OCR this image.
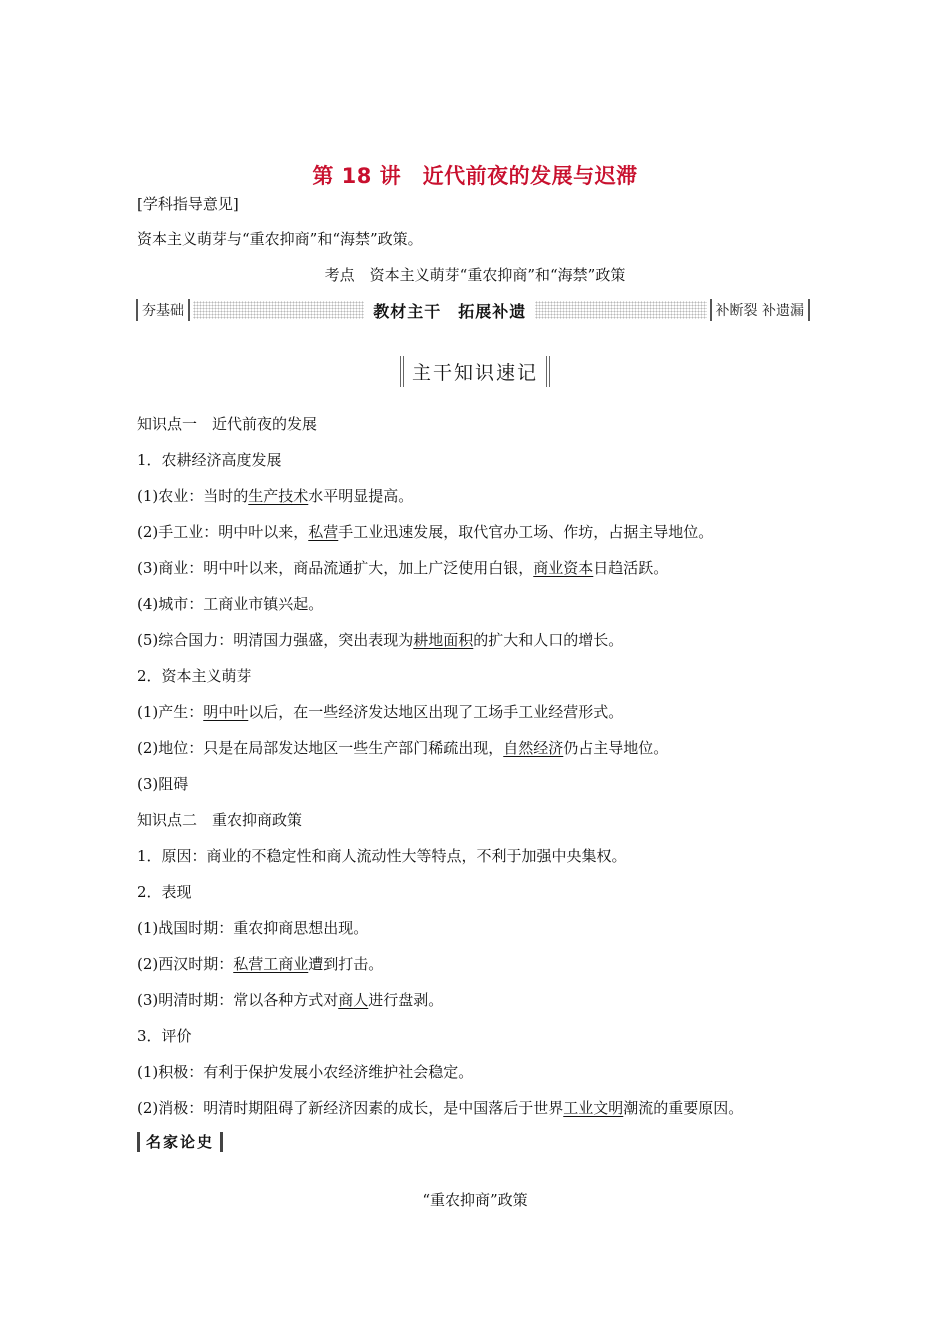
第 18 讲　近代前夜的发展与迟滞
[学科指导意见]
资本主义萌芽与“重农抑商”和“海禁”政策。
考点　资本主义萌芽“重农抑商”和“海禁”政策
夯基础	教材主干　拓展补遗	补断裂 补遗漏
主干知识速记
知识点一　近代前夜的发展
1．农耕经济高度发展
(1)农业：当时的生产技术水平明显提高。
(2)手工业：明中叶以来，私营手工业迅速发展，取代官办工场、作坊，占据主导地位。
(3)商业：明中叶以来，商品流通扩大，加上广泛使用白银，商业资本日趋活跃。
(4)城市：工商业市镇兴起。
(5)综合国力：明清国力强盛，突出表现为耕地面积的扩大和人口的增长。
2．资本主义萌芽
(1)产生：明中叶以后，在一些经济发达地区出现了工场手工业经营形式。
(2)地位：只是在局部发达地区一些生产部门稀疏出现，自然经济仍占主导地位。
(3)阻碍
知识点二　重农抑商政策
1．原因：商业的不稳定性和商人流动性大等特点，不利于加强中央集权。
2．表现
(1)战国时期：重农抑商思想出现。
(2)西汉时期：私营工商业遭到打击。
(3)明清时期：常以各种方式对商人进行盘剥。
3．评价
(1)积极：有利于保护发展小农经济维护社会稳定。
(2)消极：明清时期阻碍了新经济因素的成长，是中国落后于世界工业文明潮流的重要原因。
名家论史
“重农抑商”政策
